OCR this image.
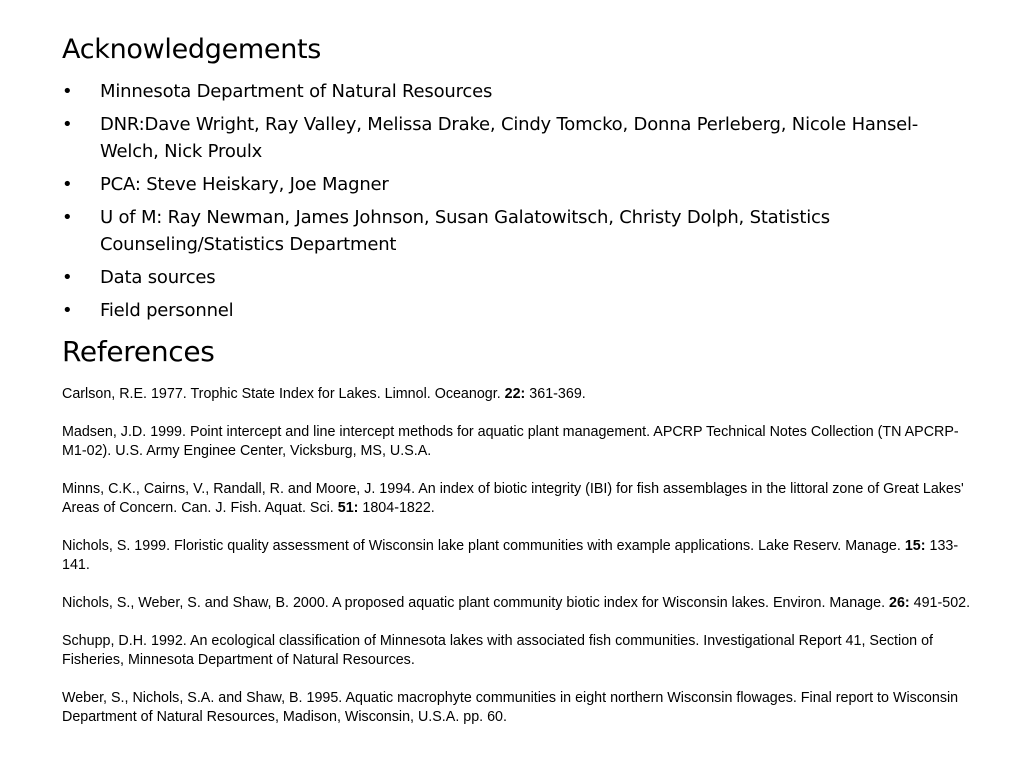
Acknowledgements
• Minnesota Department of Natural Resources
• DNR:Dave Wright, Ray Valley, Melissa Drake, Cindy Tomcko, Donna Perleberg, Nicole Hansel-Welch, Nick Proulx
• PCA: Steve Heiskary, Joe Magner
• U of M: Ray Newman, James Johnson, Susan Galatowitsch, Christy Dolph, Statistics Counseling/Statistics Department
• Data sources
• Field personnel
References
Carlson, R.E. 1977. Trophic State Index for Lakes. Limnol. Oceanogr. 22: 361-369.
Madsen, J.D. 1999. Point intercept and line intercept methods for aquatic plant management. APCRP Technical Notes Collection (TN APCRP-M1-02). U.S. Army Enginee Center, Vicksburg, MS, U.S.A.
Minns, C.K., Cairns, V., Randall, R. and Moore, J. 1994. An index of biotic integrity (IBI) for fish assemblages in the littoral zone of Great Lakes' Areas of Concern. Can. J. Fish. Aquat. Sci. 51: 1804-1822.
Nichols, S. 1999. Floristic quality assessment of Wisconsin lake plant communities with example applications. Lake Reserv. Manage. 15: 133-141.
Nichols, S., Weber, S. and Shaw, B. 2000. A proposed aquatic plant community biotic index for Wisconsin lakes. Environ. Manage. 26: 491-502.
Schupp, D.H. 1992. An ecological classification of Minnesota lakes with associated fish communities. Investigational Report 41, Section of Fisheries, Minnesota Department of Natural Resources.
Weber, S., Nichols, S.A. and Shaw, B. 1995. Aquatic macrophyte communities in eight northern Wisconsin flowages. Final report to Wisconsin Department of Natural Resources, Madison, Wisconsin, U.S.A. pp. 60.
